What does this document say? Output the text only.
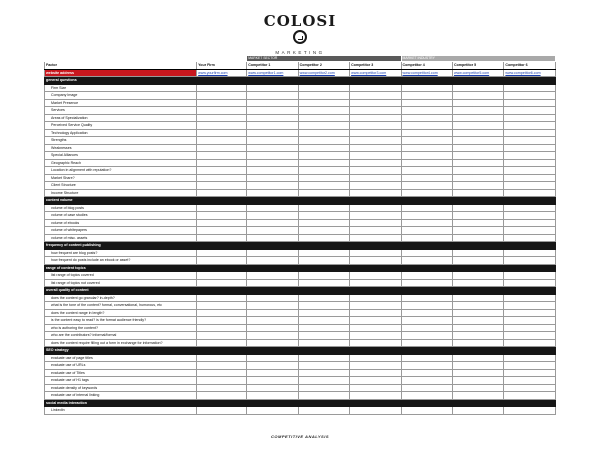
COLOSI
MARKETING
		MARKET SECTOR			MARKET INDUSTRY		
Factor	Your Firm	Competitor 1	Competitor 2	Competitor 3	Competitor 4	Competitor 5	Competitor 6
website address	www.yourfirm.com	www.competitor1.com	www.competitor2.com	www.competitor3.com	www.competitor4.com	www.competitor5.com	www.competitor6.com
general questions							
Firm Size							
Company Image							
Market Presence							
Services							
Areas of Specialization							
Perceived Service Quality							
Technology Application							
Strengths							
Weaknesses							
Special Alliances							
Geographic Reach							
Location in alignment with reputation?							
Market Share?							
Client Structure							
Income Structure							
content volume							
volume of blog posts							
volume of case studies							
volume of ebooks							
volume of whitepapers							
volume of misc. assets							
frequency of content publishing							
how frequent are blog posts?							
how frequent do posts include an ebook or asset?							
range of content topics							
list range of topics covered							
list range of topics not covered							
overall quality of content							
does the content go granular? in-depth?							
what is the tone of the content? formal, conversational, humorous, etc							
does the content range in length?							
is the content easy to read? is the format audience friendly?							
who is authoring the content?							
who are the contributors? informal/formal							
does the content require filling out a form in exchange for information?							
SEO strategy							
evaluate use of page titles							
evaluate use of URLs							
evaluate use of Titles							
evaluate use of H1 tags							
evaluate density of keywords							
evaluate use of internal linking							
social media interaction							
LinkedIn							
COMPETITIVE ANALYSIS
